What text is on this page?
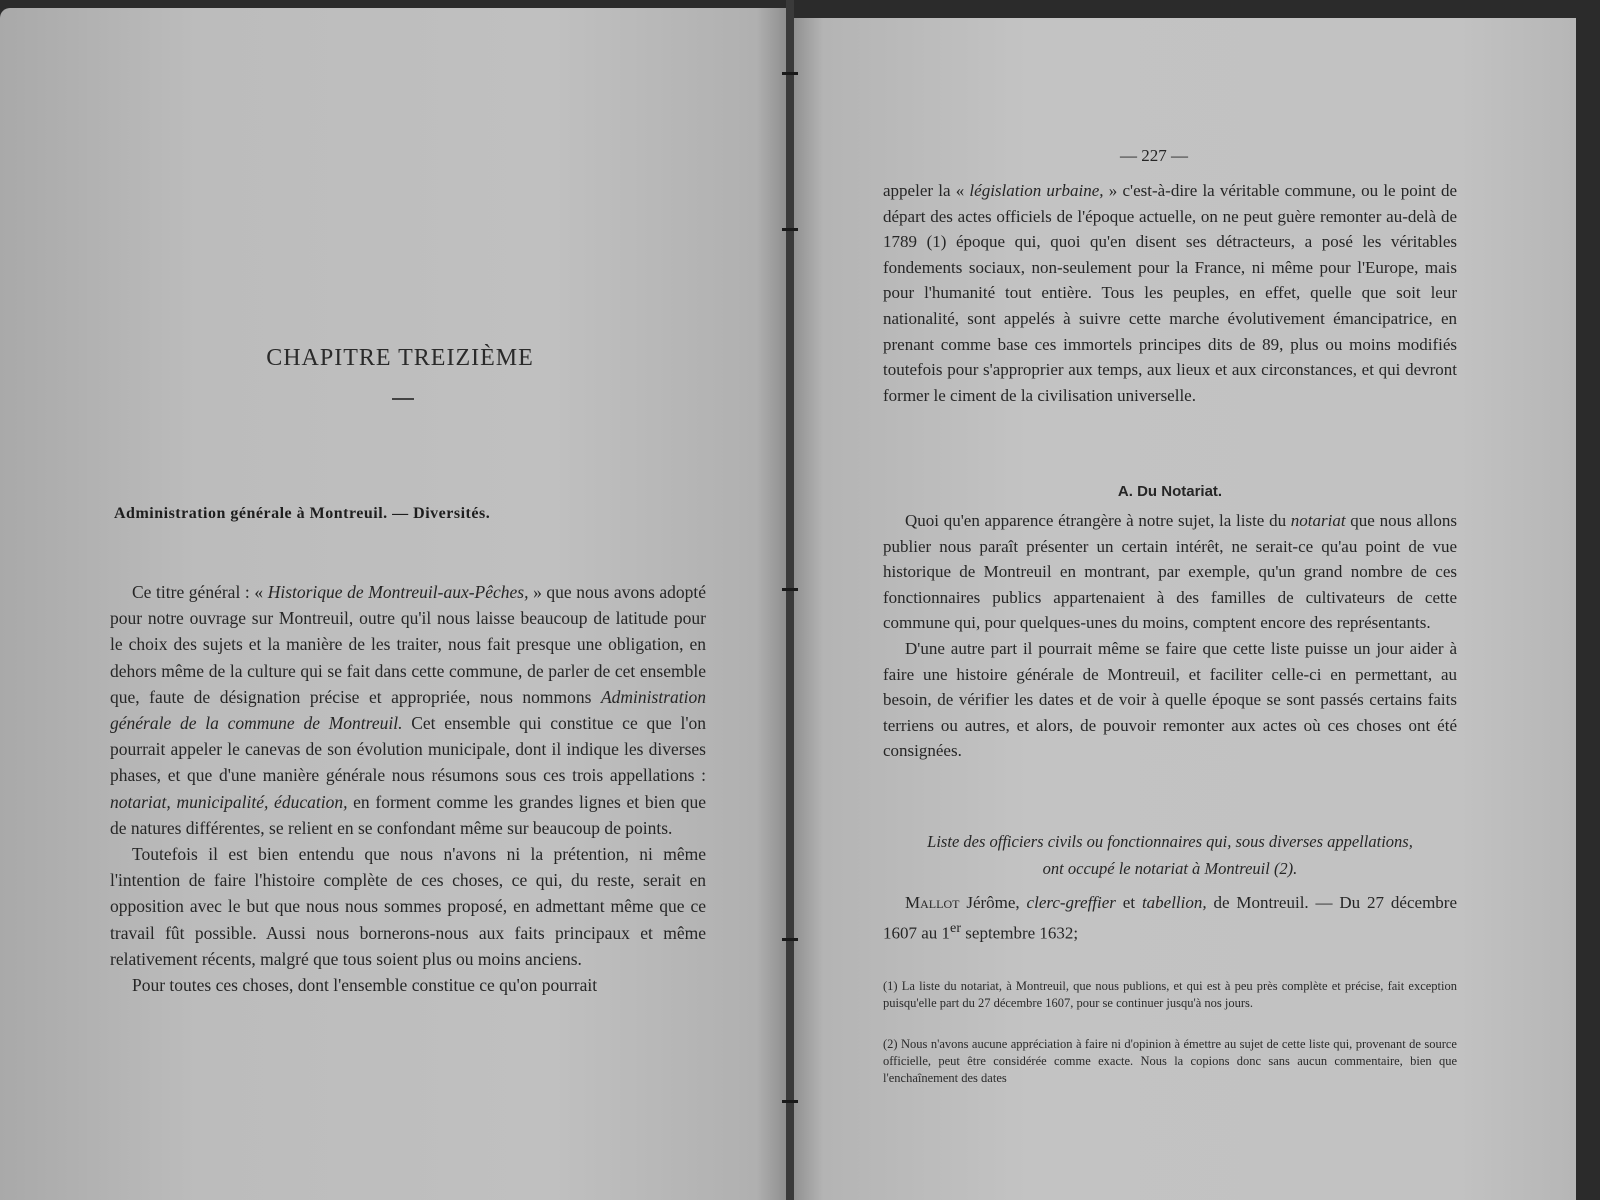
CHAPITRE TREIZIÈME
Administration générale à Montreuil. — Diversités.

Ce titre général : « Historique de Montreuil-aux-Pêches, » que nous avons adopté pour notre ouvrage sur Montreuil, outre qu'il nous laisse beaucoup de latitude pour le choix des sujets et la manière de les traiter, nous fait presque une obligation, en dehors même de la culture qui se fait dans cette commune, de parler de cet ensemble que, faute de désignation précise et appropriée, nous nommons Administration générale de la commune de Montreuil. Cet ensemble qui constitue ce que l'on pourrait appeler le canevas de son évolution municipale, dont il indique les diverses phases, et que d'une manière générale nous résumons sous ces trois appellations : notariat, municipalité, éducation, en forment comme les grandes lignes et bien que de natures différentes, se relient en se confondant même sur beaucoup de points.

Toutefois il est bien entendu que nous n'avons ni la prétention, ni même l'intention de faire l'histoire complète de ces choses, ce qui, du reste, serait en opposition avec le but que nous nous sommes proposé, en admettant même que ce travail fût possible. Aussi nous bornerons-nous aux faits principaux et même relativement récents, malgré que tous soient plus ou moins anciens.

Pour toutes ces choses, dont l'ensemble constitue ce qu'on pourrait

— 227 —

appeler la « législation urbaine, » c'est-à-dire la véritable commune, ou le point de départ des actes officiels de l'époque actuelle, on ne peut guère remonter au-delà de 1789 (1) époque qui, quoi qu'en disent ses détracteurs, a posé les véritables fondements sociaux, non-seulement pour la France, ni même pour l'Europe, mais pour l'humanité tout entière. Tous les peuples, en effet, quelle que soit leur nationalité, sont appelés à suivre cette marche évolutivement émancipatrice, en prenant comme base ces immortels principes dits de 89, plus ou moins modifiés toutefois pour s'approprier aux temps, aux lieux et aux circonstances, et qui devront former le ciment de la civilisation universelle.

A. Du Notariat.

Quoi qu'en apparence étrangère à notre sujet, la liste du notariat que nous allons publier nous paraît présenter un certain intérêt, ne serait-ce qu'au point de vue historique de Montreuil en montrant, par exemple, qu'un grand nombre de ces fonctionnaires publics appartenaient à des familles de cultivateurs de cette commune qui, pour quelques-unes du moins, comptent encore des représentants.

D'une autre part il pourrait même se faire que cette liste puisse un jour aider à faire une histoire générale de Montreuil, et faciliter celle-ci en permettant, au besoin, de vérifier les dates et de voir à quelle époque se sont passés certains faits terriens ou autres, et alors, de pouvoir remonter aux actes où ces choses ont été consignées.

Liste des officiers civils ou fonctionnaires qui, sous diverses appellations,
ont occupé le notariat à Montreuil (2).

Mallot Jérôme, clerc-greffier et tabellion, de Montreuil. — Du 27 décembre 1607 au 1er septembre 1632;

(1) La liste du notariat, à Montreuil, que nous publions, et qui est à peu près complète et précise, fait exception puisqu'elle part du 27 décembre 1607, pour se continuer jusqu'à nos jours.
(2) Nous n'avons aucune appréciation à faire ni d'opinion à émettre au sujet de cette liste qui, provenant de source officielle, peut être considérée comme exacte. Nous la copions donc sans aucun commentaire, bien que l'enchaînement des dates
